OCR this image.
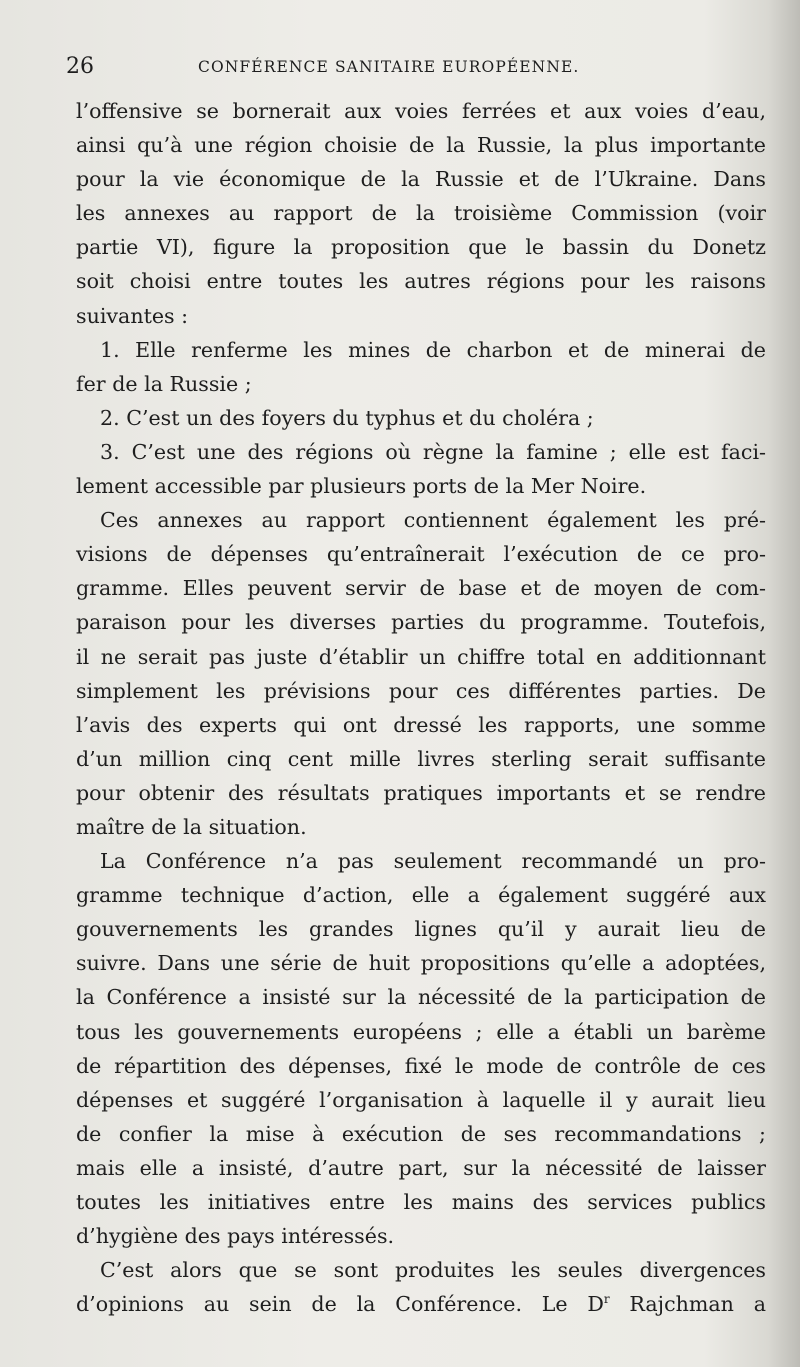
26	CONFÉRENCE SANITAIRE EUROPÉENNE.
l’offensive se bornerait aux voies ferrées et aux voies d’eau,
ainsi qu’à une région choisie de la Russie, la plus importante
pour la vie économique de la Russie et de l’Ukraine. Dans
les annexes au rapport de la troisième Commission (voir
partie VI), figure la proposition que le bassin du Donetz
soit choisi entre toutes les autres régions pour les raisons
suivantes :
1. Elle renferme les mines de charbon et de minerai de
fer de la Russie ;
2. C’est un des foyers du typhus et du choléra ;
3. C’est une des régions où règne la famine ; elle est faci-
lement accessible par plusieurs ports de la Mer Noire.
Ces annexes au rapport contiennent également les pré-
visions de dépenses qu’entraînerait l’exécution de ce pro-
gramme. Elles peuvent servir de base et de moyen de com-
paraison pour les diverses parties du programme. Toutefois,
il ne serait pas juste d’établir un chiffre total en additionnant
simplement les prévisions pour ces différentes parties. De
l’avis des experts qui ont dressé les rapports, une somme
d’un million cinq cent mille livres sterling serait suffisante
pour obtenir des résultats pratiques importants et se rendre
maître de la situation.
La Conférence n’a pas seulement recommandé un pro-
gramme technique d’action, elle a également suggéré aux
gouvernements les grandes lignes qu’il y aurait lieu de
suivre. Dans une série de huit propositions qu’elle a adoptées,
la Conférence a insisté sur la nécessité de la participation de
tous les gouvernements européens ; elle a établi un barème
de répartition des dépenses, fixé le mode de contrôle de ces
dépenses et suggéré l’organisation à laquelle il y aurait lieu
de confier la mise à exécution de ses recommandations ;
mais elle a insisté, d’autre part, sur la nécessité de laisser
toutes les initiatives entre les mains des services publics
d’hygiène des pays intéressés.
C’est alors que se sont produites les seules divergences
d’opinions au sein de la Conférence. Le $D^r$ Rajchman a
